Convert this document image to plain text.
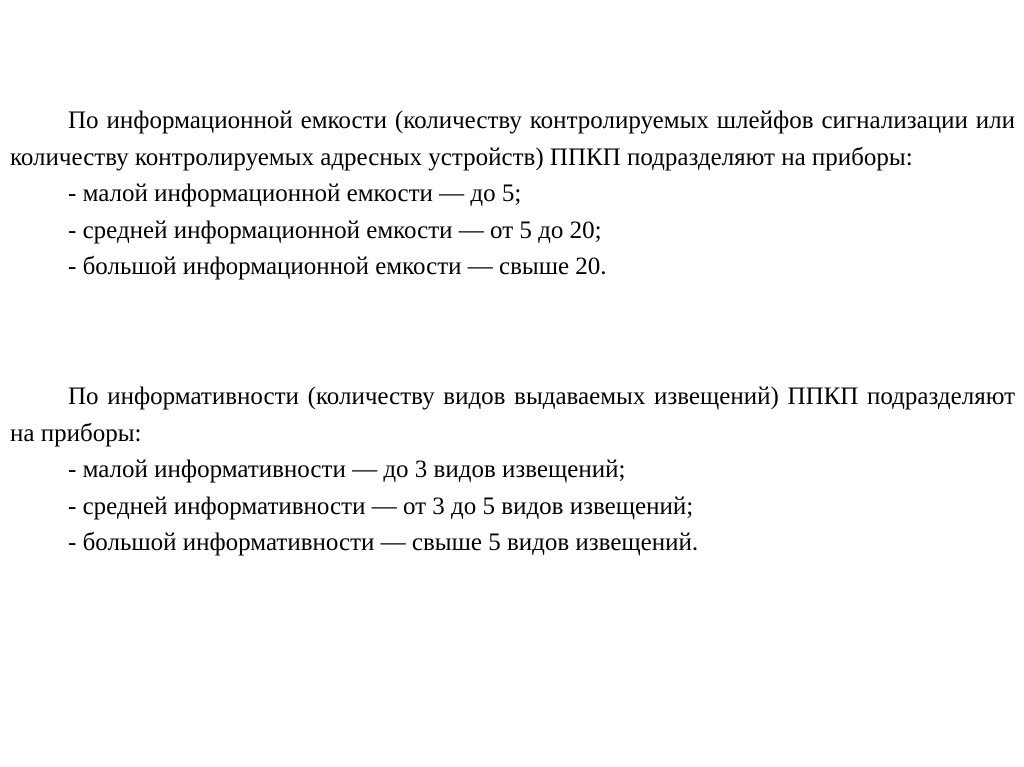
По информационной емкости (количеству контролируемых шлейфов сигнализации или количеству контролируемых адресных устройств) ППКП подразделяют на приборы:

- малой информационной емкости — до 5;

- средней информационной емкости — от 5 до 20;

- большой информационной емкости — свыше 20.

По информативности (количеству видов выдаваемых извещений) ППКП подразделяют на приборы:

- малой информативности — до 3 видов извещений;

- средней информативности — от 3 до 5 видов извещений;

- большой информативности — свыше 5 видов извещений.
